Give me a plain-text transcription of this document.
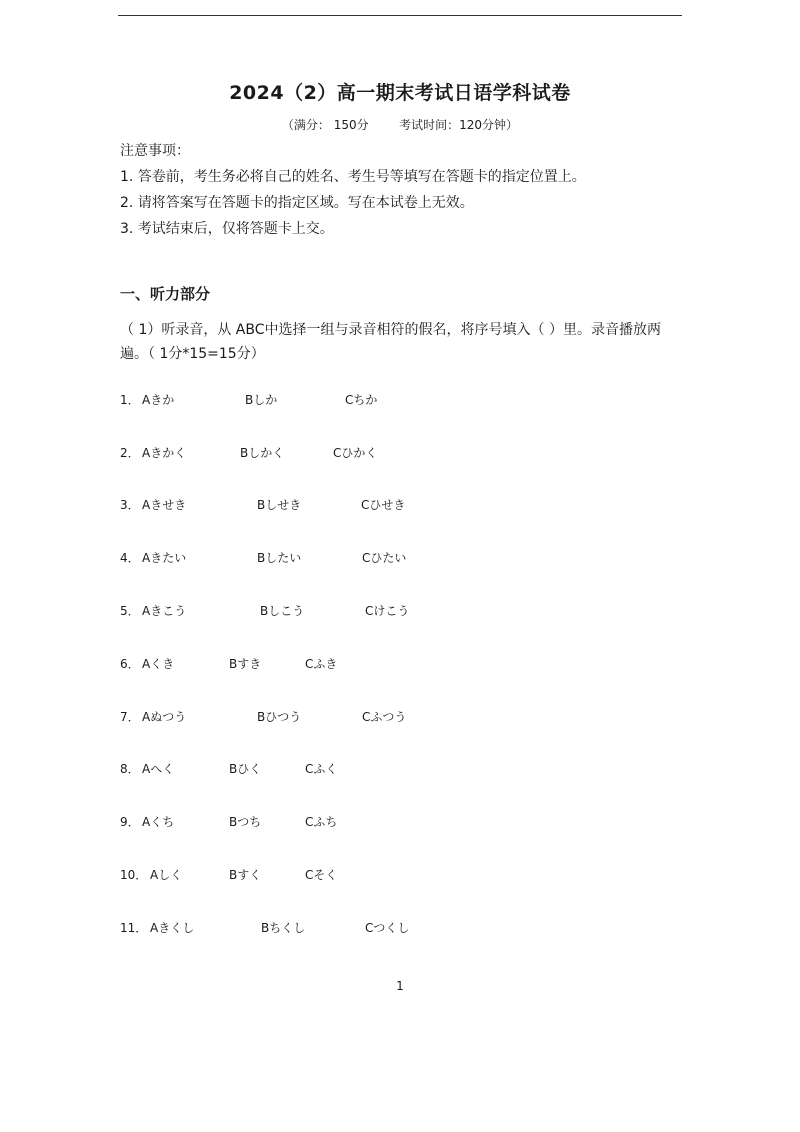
2024（2）高一期末考试日语学科试卷
（满分： 150分        考试时间：120分钟）
注意事项：
1. 答卷前，考生务必将自己的姓名、考生号等填写在答题卡的指定位置上。
2. 请将答案写在答题卡的指定区域。写在本试卷上无效。
3. 考试结束后，仅将答题卡上交。
一、听力部分
（ 1）听录音，从 ABC中选择一组与录音相符的假名，将序号填入（ ）里。录音播放两遍。（ 1分*15=15分）
1． Aきか	Bしか	Cちか
2． Aきかく	Bしかく	Cひかく
3． Aきせき	Bしせき	Cひせき
4． Aきたい	Bしたい	Cひたい
5． Aきこう	Bしこう	Cけこう
6． Aくき	Bすき	Cふき
7． Aぬつう	Bひつう	Cふつう
8． Aへく	Bひく	Cふく
9． Aくち	Bつち	Cふち
10． Aしく	Bすく	Cそく
11． Aきくし	Bちくし	Cつくし
1
